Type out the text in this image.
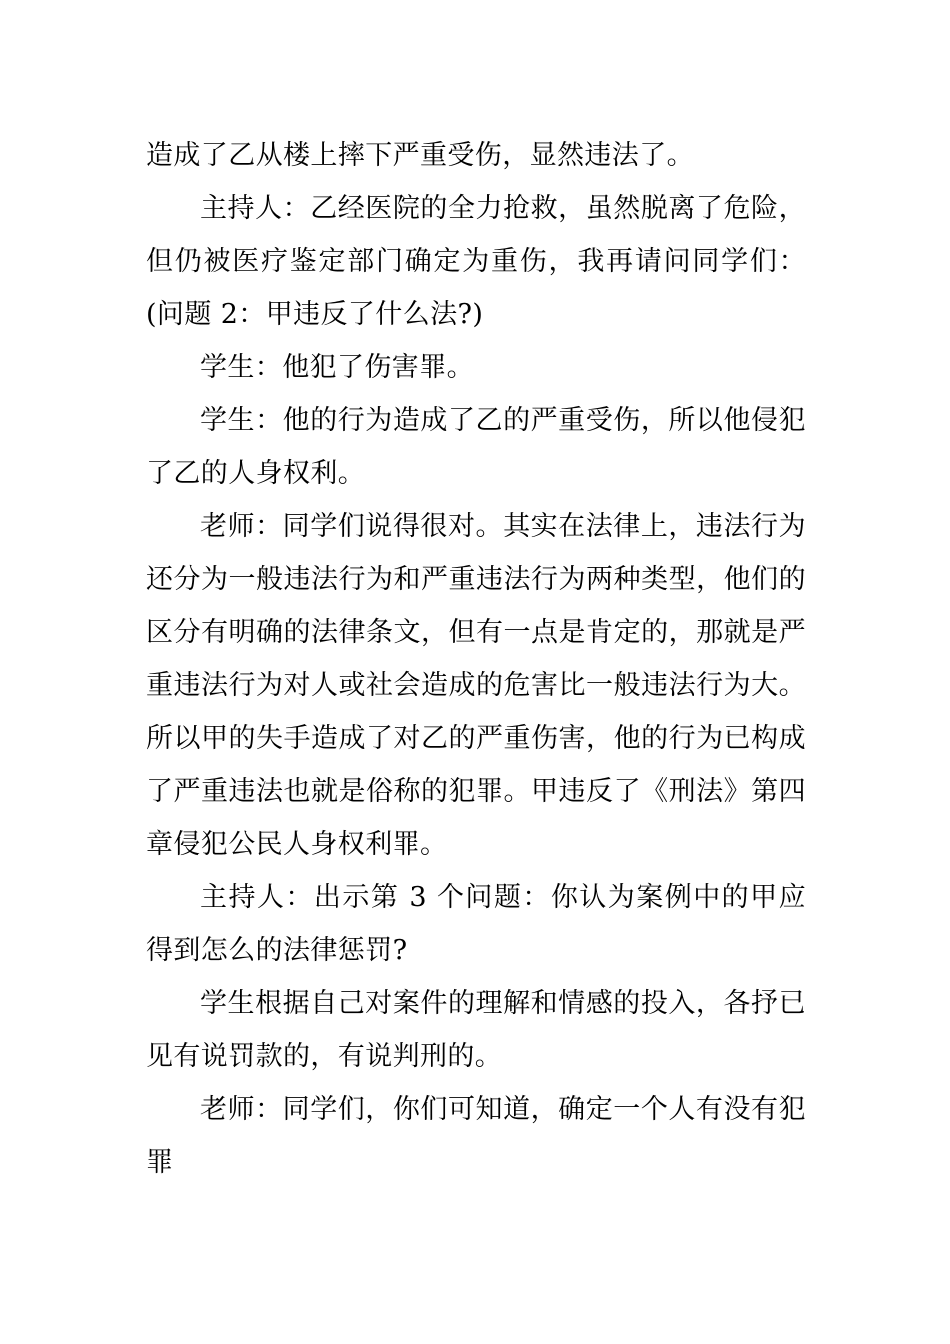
造成了乙从楼上摔下严重受伤，显然违法了。

主持人：乙经医院的全力抢救，虽然脱离了危险，但仍被医疗鉴定部门确定为重伤，我再请问同学们：(问题 2：甲违反了什么法?)

学生：他犯了伤害罪。

学生：他的行为造成了乙的严重受伤，所以他侵犯了乙的人身权利。

老师：同学们说得很对。其实在法律上，违法行为还分为一般违法行为和严重违法行为两种类型，他们的区分有明确的法律条文，但有一点是肯定的，那就是严重违法行为对人或社会造成的危害比一般违法行为大。所以甲的失手造成了对乙的严重伤害，他的行为已构成了严重违法也就是俗称的犯罪。甲违反了《刑法》第四章侵犯公民人身权利罪。

主持人：出示第 3 个问题：你认为案例中的甲应得到怎么的法律惩罚?

学生根据自己对案件的理解和情感的投入，各抒已见有说罚款的，有说判刑的。

老师：同学们，你们可知道，确定一个人有没有犯罪
